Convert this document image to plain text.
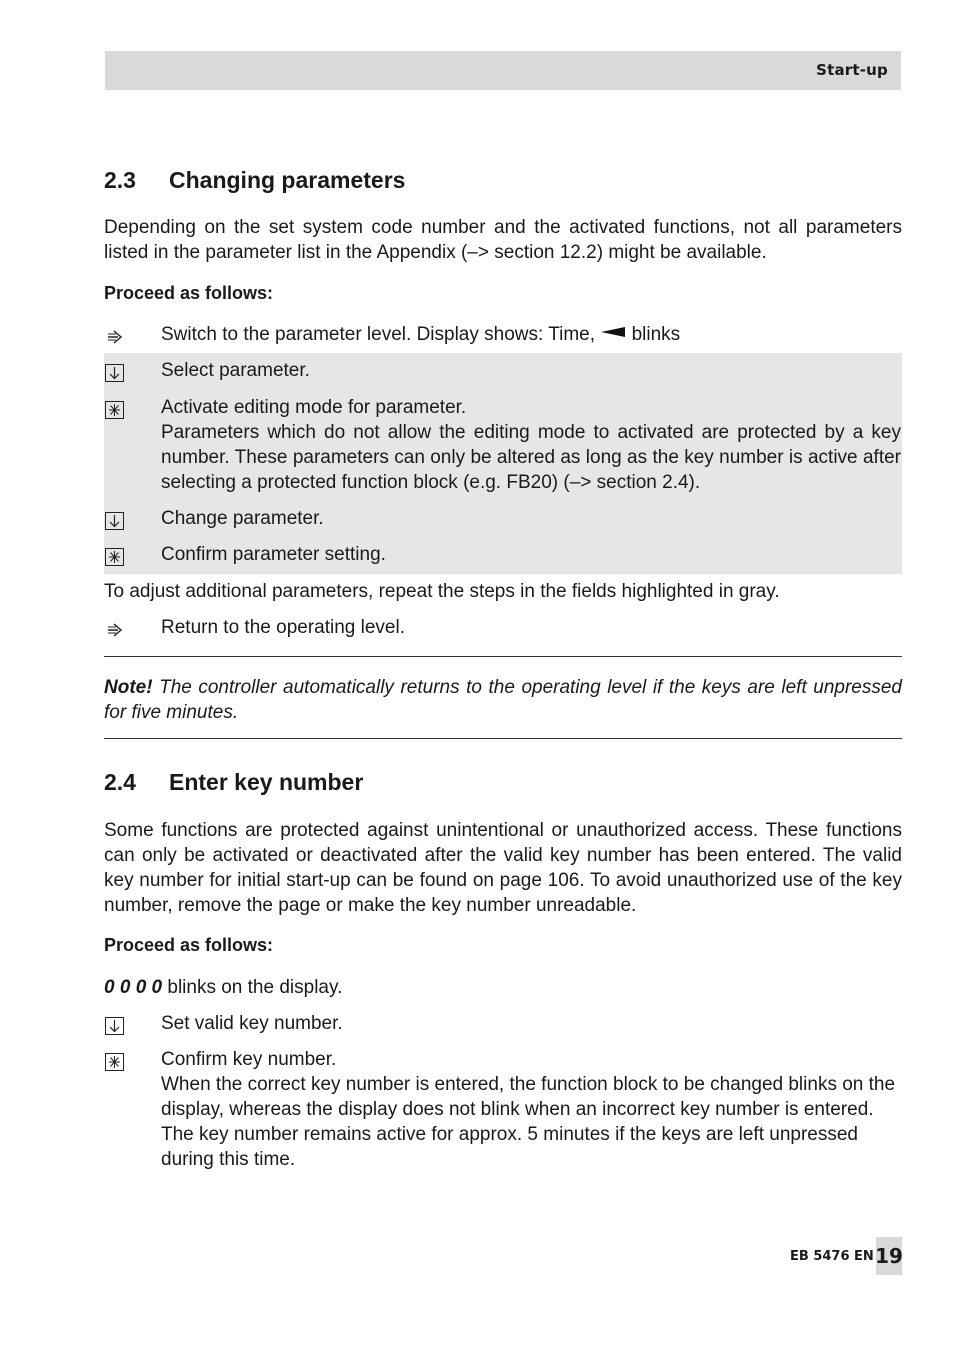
Start-up
2.3 Changing parameters

Depending on the set system code number and the activated functions, not all parameters listed in the parameter list in the Appendix (–> section 12.2) might be available.

Proceed as follows:

Switch to the parameter level. Display shows: Time, blinks
Select parameter.
Activate editing mode for parameter.
Parameters which do not allow the editing mode to activated are protected by a key number. These parameters can only be altered as long as the key number is active after selecting a protected function block (e.g. FB20) (–> section 2.4).
Change parameter.
Confirm parameter setting.

To adjust additional parameters, repeat the steps in the fields highlighted in gray.

Return to the operating level.

Note! The controller automatically returns to the operating level if the keys are left unpressed for five minutes.

2.4 Enter key number

Some functions are protected against unintentional or unauthorized access. These functions can only be activated or deactivated after the valid key number has been entered. The valid key number for initial start-up can be found on page 106. To avoid unauthorized use of the key number, remove the page or make the key number unreadable.

Proceed as follows:

0 0 0 0 blinks on the display.

Set valid key number.
Confirm key number.
When the correct key number is entered, the function block to be changed blinks on the display, whereas the display does not blink when an incorrect key number is entered. The key number remains active for approx. 5 minutes if the keys are left unpressed during this time.
EB 5476 EN 19
